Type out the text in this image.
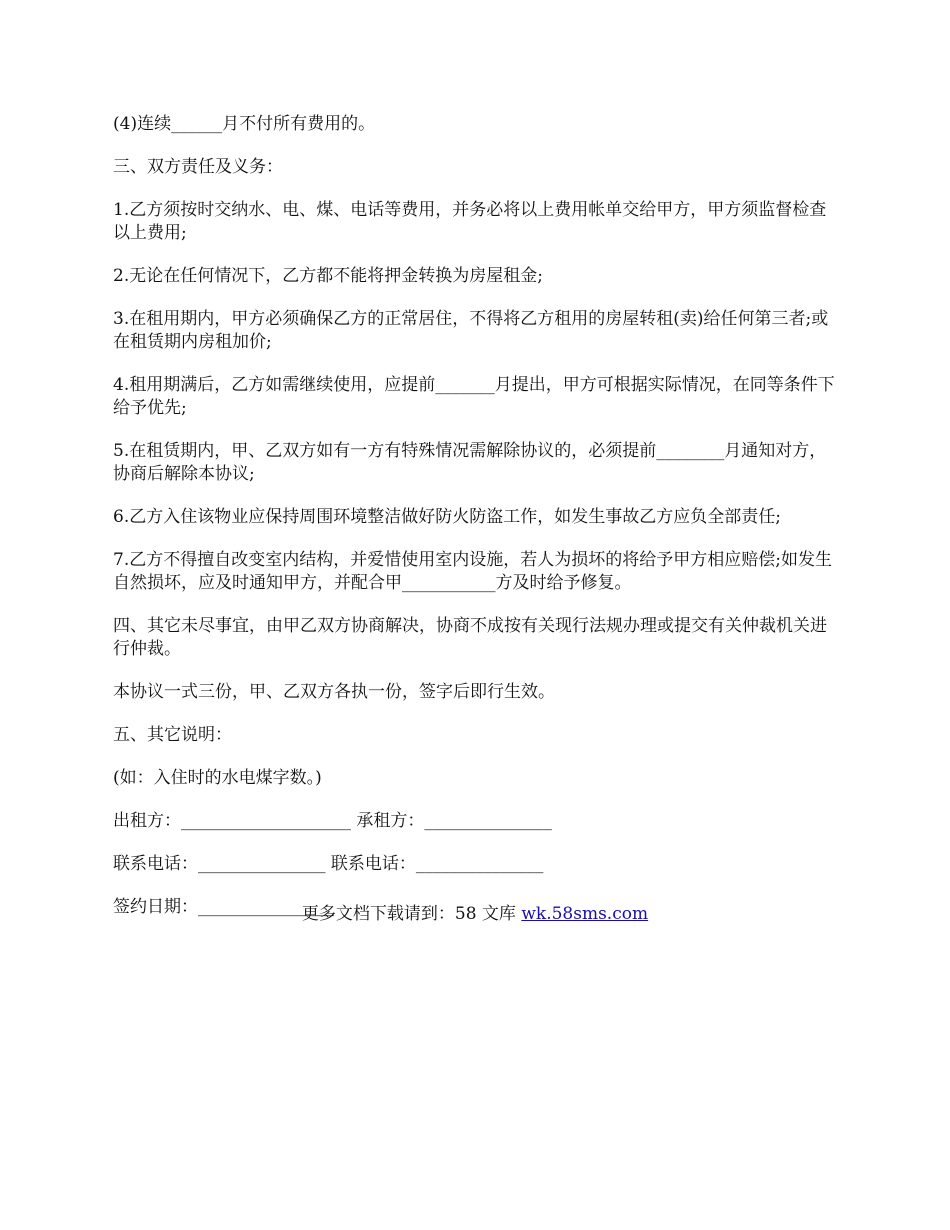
(4)连续______月不付所有费用的。

三、双方责任及义务：

1.乙方须按时交纳水、电、煤、电话等费用，并务必将以上费用帐单交给甲方，甲方须监督检查以上费用;

2.无论在任何情况下，乙方都不能将押金转换为房屋租金;

3.在租用期内，甲方必须确保乙方的正常居住，不得将乙方租用的房屋转租(卖)给任何第三者;或在租赁期内房租加价;

4.租用期满后，乙方如需继续使用，应提前_______月提出，甲方可根据实际情况，在同等条件下给予优先;

5.在租赁期内，甲、乙双方如有一方有特殊情况需解除协议的，必须提前________月通知对方，协商后解除本协议;

6.乙方入住该物业应保持周围环境整洁做好防火防盗工作，如发生事故乙方应负全部责任;

7.乙方不得擅自改变室内结构，并爱惜使用室内设施，若人为损坏的将给予甲方相应赔偿;如发生自然损坏，应及时通知甲方，并配合甲___________方及时给予修复。

四、其它未尽事宜，由甲乙双方协商解决，协商不成按有关现行法规办理或提交有关仲裁机关进行仲裁。

本协议一式三份，甲、乙双方各执一份，签字后即行生效。

五、其它说明：

(如：入住时的水电煤字数。)

出租方：____________________ 承租方：_______________

联系电话：_______________ 联系电话：_______________

签约日期：________________

更多文档下载请到：58 文库 wk.58sms.com
